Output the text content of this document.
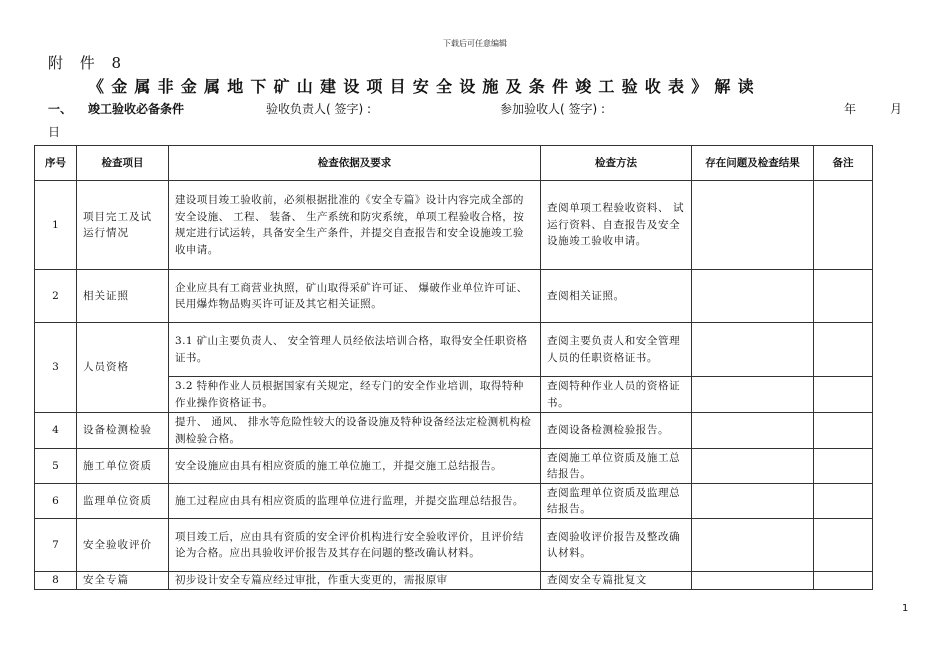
下载后可任意编辑
附 件 8
《金属非金属地下矿山建设项目安全设施及条件竣工验收表》解读
一、 竣工验收必备条件	验收负责人( 签字) :	参加验收人( 签字) :	年	月
日
序号	检查项目	检查依据及要求	检查方法	存在问题及检查结果	备注
1	项目完工及试运行情况	建设项目竣工验收前，必须根据批准的《安全专篇》设计内容完成全部的安全设施、 工程、 装备、 生产系统和防灾系统，单项工程验收合格，按规定进行试运转，具备安全生产条件，并提交自查报告和安全设施竣工验收申请。	查阅单项工程验收资料、 试运行资料、自查报告及安全设施竣工验收申请。		
2	相关证照	企业应具有工商营业执照，矿山取得采矿许可证、 爆破作业单位许可证、 民用爆炸物品购买许可证及其它相关证照。	查阅相关证照。		
3	人员资格	3.1 矿山主要负责人、 安全管理人员经依法培训合格，取得安全任职资格证书。	查阅主要负责人和安全管理人员的任职资格证书。		
		3.2 特种作业人员根据国家有关规定，经专门的安全作业培训，取得特种作业操作资格证书。	查阅特种作业人员的资格证书。		
4	设备检测检验	提升、 通风、 排水等危险性较大的设备设施及特种设备经法定检测机构检测检验合格。	查阅设备检测检验报告。		
5	施工单位资质	安全设施应由具有相应资质的施工单位施工，并提交施工总结报告。	查阅施工单位资质及施工总结报告。		
6	监理单位资质	施工过程应由具有相应资质的监理单位进行监理，并提交监理总结报告。	查阅监理单位资质及监理总结报告。		
7	安全验收评价	项目竣工后，应由具有资质的安全评价机构进行安全验收评价，且评价结论为合格。应出具验收评价报告及其存在问题的整改确认材料。	查阅验收评价报告及整改确认材料。		
8	安全专篇	初步设计安全专篇应经过审批，作重大变更的，需报原审	查阅安全专篇批复文		
1
